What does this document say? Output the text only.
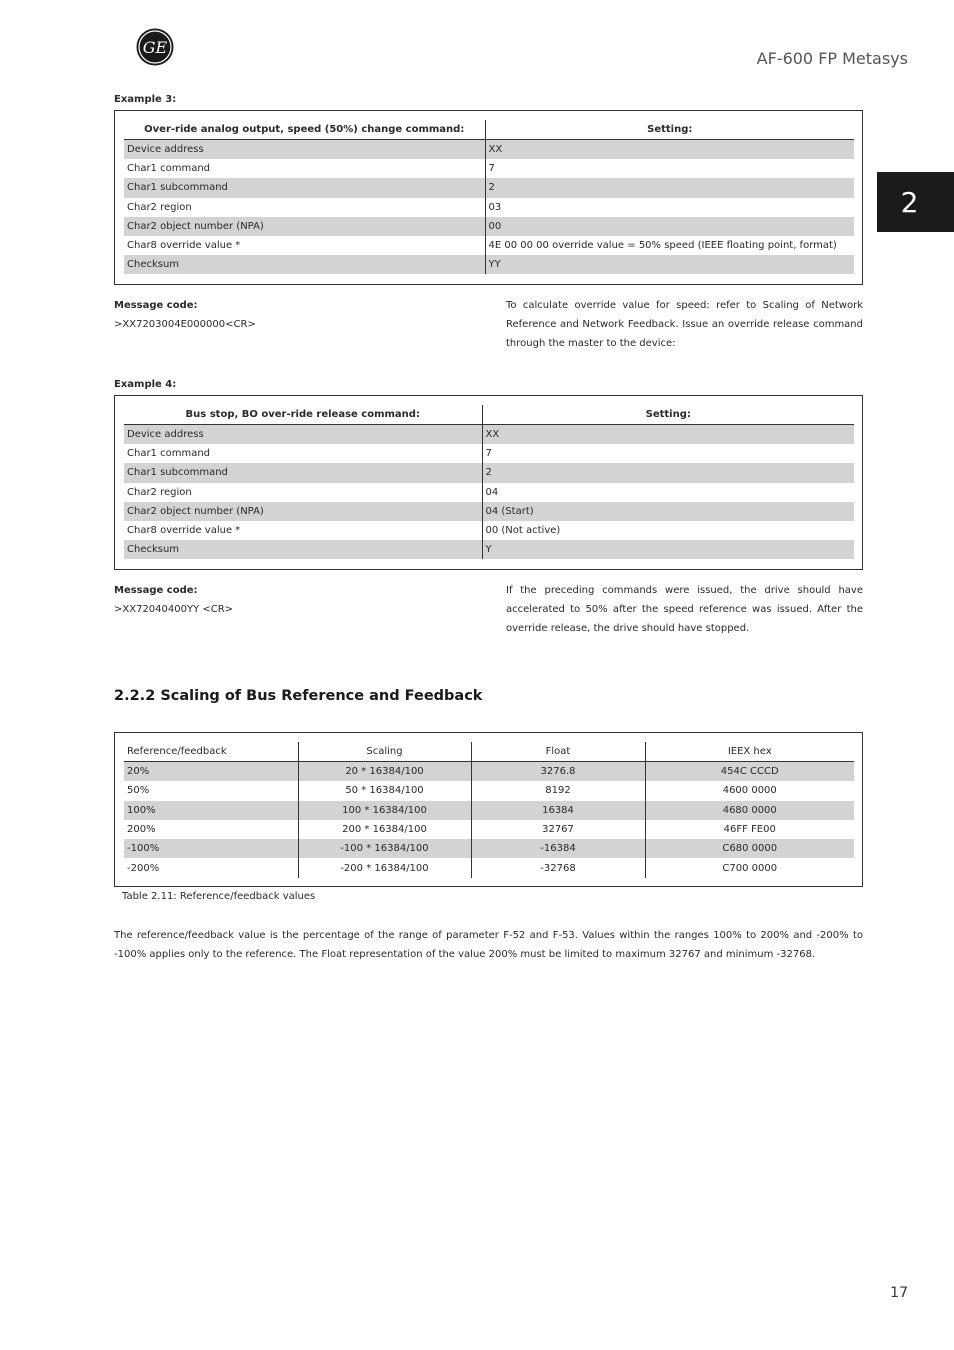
GE
AF-600 FP Metasys
2
Example 3:
Over-ride analog output, speed (50%) change command:	Setting:
Device address	XX
Char1 command	7
Char1 subcommand	2
Char2 region	03
Char2 object number (NPA)	00
Char8 override value *	4E 00 00 00 override value = 50% speed (IEEE floating point, format)
Checksum	YY
Message code:
>XX7203004E000000<CR>
To calculate override value for speed: refer to Scaling of Network Reference and Network Feedback. Issue an override release command through the master to the device:
Example 4:
Bus stop, BO over-ride release command:	Setting:
Device address	XX
Char1 command	7
Char1 subcommand	2
Char2 region	04
Char2 object number (NPA)	04 (Start)
Char8 override value *	00 (Not active)
Checksum	Y
Message code:
>XX72040400YY <CR>
If the preceding commands were issued, the drive should have accelerated to 50% after the speed reference was issued. After the override release, the drive should have stopped.
2.2.2 Scaling of Bus Reference and Feedback
Reference/feedback	Scaling	Float	IEEX hex
20%	20 * 16384/100	3276.8	454C CCCD
50%	50 * 16384/100	8192	4600 0000
100%	100 * 16384/100	16384	4680 0000
200%	200 * 16384/100	32767	46FF FE00
-100%	-100 * 16384/100	-16384	C680 0000
-200%	-200 * 16384/100	-32768	C700 0000
Table 2.11: Reference/feedback values
The reference/feedback value is the percentage of the range of parameter F-52 and F-53. Values within the ranges 100% to 200% and -200% to -100% applies only to the reference. The Float representation of the value 200% must be limited to maximum 32767 and minimum -32768.
17
